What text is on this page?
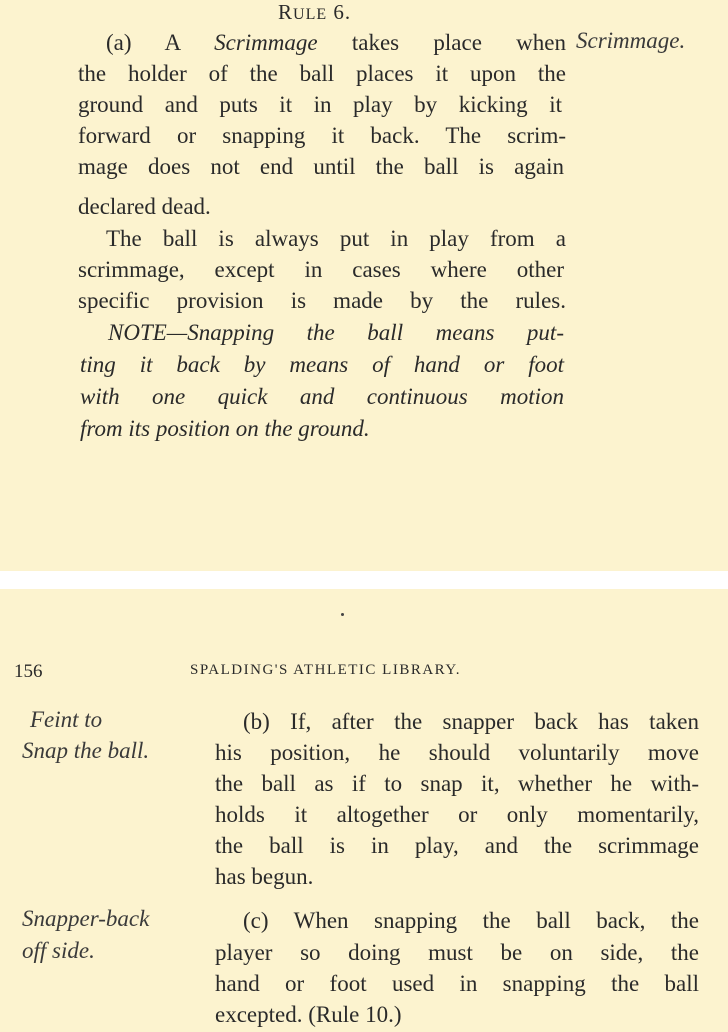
RULE 6.
Scrimmage.
(a) A Scrimmage takes place when
the holder of the ball places it upon the
ground and puts it in play by kicking it
forward or snapping it back. The scrim-
mage does not end until the ball is again
declared dead.
The ball is always put in play from a
scrimmage, except in cases where other
specific provision is made by the rules.
NOTE—Snapping the ball means put-
ting it back by means of hand or foot
with one quick and continuous motion
from its position on the ground.
156	SPALDING'S ATHLETIC LIBRARY.
Feint to
Snap the ball.
Snapper-back
off side.
(b) If, after the snapper back has taken
his position, he should voluntarily move
the ball as if to snap it, whether he with-
holds it altogether or only momentarily,
the ball is in play, and the scrimmage
has begun.
(c) When snapping the ball back, the
player so doing must be on side, the
hand or foot used in snapping the ball
excepted. (Rule 10.)
